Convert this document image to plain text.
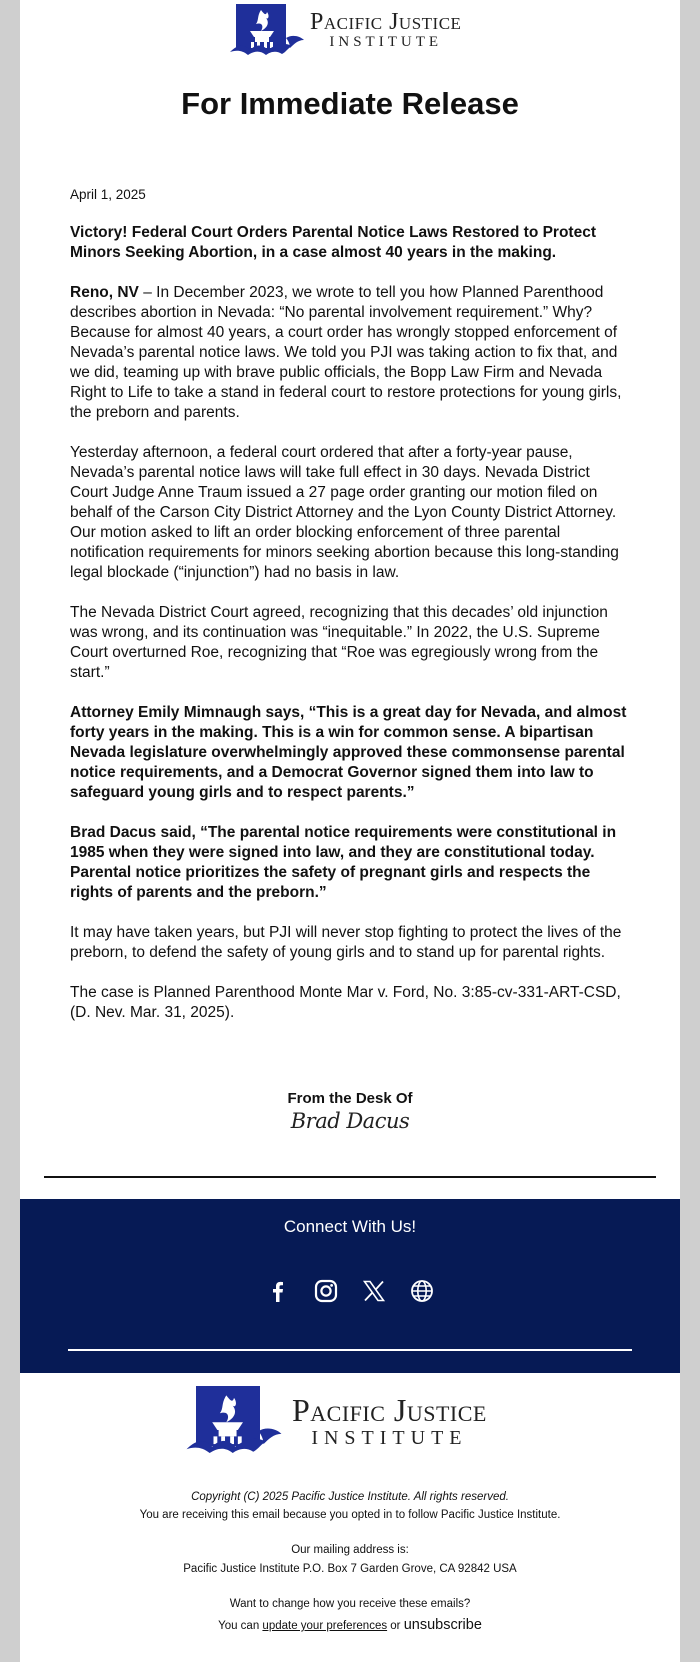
Pacific Justice
INSTITUTE
For Immediate Release

April 1, 2025

Victory! Federal Court Orders Parental Notice Laws Restored to Protect Minors Seeking Abortion, in a case almost 40 years in the making.

Reno, NV – In December 2023, we wrote to tell you how Planned Parenthood describes abortion in Nevada: “No parental involvement requirement.” Why? Because for almost 40 years, a court order has wrongly stopped enforcement of Nevada’s parental notice laws. We told you PJI was taking action to fix that, and we did, teaming up with brave public officials, the Bopp Law Firm and Nevada Right to Life to take a stand in federal court to restore protections for young girls, the preborn and parents.

Yesterday afternoon, a federal court ordered that after a forty-year pause, Nevada’s parental notice laws will take full effect in 30 days. Nevada District Court Judge Anne Traum issued a 27 page order granting our motion filed on behalf of the Carson City District Attorney and the Lyon County District Attorney. Our motion asked to lift an order blocking enforcement of three parental notification requirements for minors seeking abortion because this long-standing legal blockade (“injunction”) had no basis in law.

The Nevada District Court agreed, recognizing that this decades’ old injunction was wrong, and its continuation was “inequitable.” In 2022, the U.S. Supreme Court overturned Roe, recognizing that “Roe was egregiously wrong from the start.”

Attorney Emily Mimnaugh says, “This is a great day for Nevada, and almost forty years in the making. This is a win for common sense. A bipartisan Nevada legislature overwhelmingly approved these commonsense parental notice requirements, and a Democrat Governor signed them into law to safeguard young girls and to respect parents.”

Brad Dacus said, “The parental notice requirements were constitutional in 1985 when they were signed into law, and they are constitutional today. Parental notice prioritizes the safety of pregnant girls and respects the rights of parents and the preborn.”

It may have taken years, but PJI will never stop fighting to protect the lives of the preborn, to defend the safety of young girls and to stand up for parental rights.

The case is Planned Parenthood Monte Mar v. Ford, No. 3:85-cv-331-ART-CSD, (D. Nev. Mar. 31, 2025).

From the Desk Of

Brad Dacus
Connect With Us!
Pacific Justice
INSTITUTE
Copyright (C) 2025 Pacific Justice Institute. All rights reserved.
You are receiving this email because you opted in to follow Pacific Justice Institute.
Our mailing address is:
Pacific Justice Institute P.O. Box 7 Garden Grove, CA 92842 USA
Want to change how you receive these emails?
You can update your preferences or unsubscribe
